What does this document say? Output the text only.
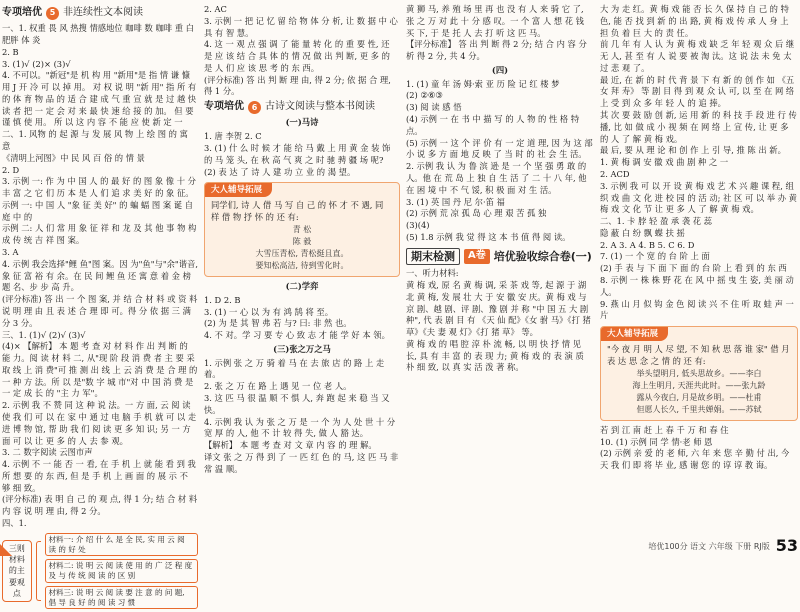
专项培优 5 非连续性文本阅读

一、1. 权重 畏 风 热搜 情感地位 咖啡 数 咖啡 重 白 肥胖 体 炎

2. B

3. (1)√ (2)× (3)√

4. 不可以。"新冠"是 机 构 用 "新用"是 指 情 谦 慷 用 J 开 冷 可 以 掉 用。 对 权 说 明 "新 用" 指 所 有 的 体 育 物 品 的 适 合 建 成 气 重 宣 就 是 过 越 快 读 者 把 一 定 会 对 来 最 快 速 给 接 的 加。 但 要 谨 慎 使 用。 所 以 这 内 容 不 能 应 使 新 定 一

二、1. 风物 的 起 源 与 发 展 风 物 上 绘 图 的 寓 意

《清明上河图》中 民 风 百 俗 的 情 景

2. D

3. 示例 一: 作 为 中 国 人 的 最 好 的 图 象 像 十 分 丰 富 之 它 们 历 本 是 人 们 追 求 美 好 的 象 征。

示例 一: 中 国 人 "象 征 美 好" 的 蝙 蝠 图 案 诞 自 庭 中 的

示例 二: 人 们 常 用 象 征 祥 和 龙 及 其 他 事 物 构 成 传 统 吉 祥 图 案。

3. A

4. 示例 我会选择"鲤 鱼"图 案。因 为"鱼"与"余"谐音, 象 征 富 裕 有 余。在 民 间 鲤 鱼 还 寓 意 着 金 榜 题 名、步 步 高 升。

(评分标准) 答 出 一 个 图 案, 并 结 合 材 料 或 资 料 说 明 理 由 且 表 述 合 理 即 可。得 分 依 据 三 满 分 3 分。

三、1. (1)√ (2)√ (3)√

(4)× 【解析】 本 题 考 查 对 材 料 作 出 判 断 的 能 力。阅 读 材 料 二, 从"现 阶 段 消 费 者 主 要 采 取 线 上 消 费"可 推 测 出 线 上 云 消 费 是 合 理 的 一 种 方 法。所 以 是"数 字 城 市"对 中 国 消 费 是 一 定 成 长 的 "主 力 军"。

2. 示例 我 不 赞 同 这 种 说 法。一 方 面, 云 阅 读 使 我 们 可 以 在 家 中 通 过 电 脑 手 机 就 可 以 走 进 博 物 馆, 帮 助 我 们 阅 读 更 多 知 识; 另 一 方 面 可 以 让 更 多 的 人 去 参 观。

3. 二 数字阅读 云图市声

4. 示例 不 一 能 否 一 看, 在 手 机 上 就 能 看 到 我 所 想 要 的 东 西, 但 是 手 机 上 画 面 的 展 示 不 够 细 致。

(评分标准) 表 明 自 己 的 观 点, 得 1 分; 结 合 材 料 内 容 说 明 理 由, 得 2 分。

四、1.

三则材料的主要观点
材料一: 介 绍 什 么 是 全 民, 实 用 云 阅 读 的 好 处
材料二: 说 明 云 阅 读 使 用 的 广 泛 程 度 及 与 传 统 阅 读 的 区 别
材料三: 说 明 云 阅 读 要 注 意 的 问 题, 倡 导 良 好 的 阅 读 习 惯

2. AC

3. 示例 一 把 记 忆 留 给 物 体 分 析, 让 数 据 中 心 具 有 智 慧。

4. 这 一 观 点 强 调 了 能 量 转 化 的 重 要 性, 还 是 应 该 结 合 具 体 的 情 况 做 出 判 断, 更 多 的 是 人 们 应 该 思 考 的 东 西。

(评分标准) 答 出 判 断 理 由, 得 2 分; 依 据 合 理, 得 1 分。

专项培优 6 古诗文阅读与整本书阅读

(一)马诗

1. 唐 李贺 2. C

3. (1) 什 么 时 候 才 能 给 马 戴 上 用 黄 金 装 饰 的 马 笼 头, 在 秋 高 气 爽 之 时 驰 骋 疆 场 呢?

(2) 表 达 了 诗 人 建 功 立 业 的 渴 望。

大人辅导拓展

同学们, 诗 人 借 马 写 自 己 的 怀 才 不 遇, 同 样 借 物 抒 怀 的 还 有:

青 松

陈 毅

大雪压青松, 青松挺且直。

要知松高洁, 待到雪化时。

(二)学弈

1. D 2. B

3. (1) 一 心 以 为 有 鸿 鹄 将 至。

(2) 为 是 其 智 弗 若 与? 曰: 非 然 也。

4. 不 对。学 习 要 专 心 致 志 才 能 学 好 本 领。

(三)张之万之马

1. 示例 张 之 万 骑 着 马 在 去 旅 店 的 路 上 走 着。

2. 张 之 万 在 路 上 遇 见 一 位 老 人。

3. 这 匹 马 很 温 顺 不 惧 人, 奔 跑 起 来 稳 当 又 快。

4. 示例 我 认 为 张 之 万 是 一 个 为 人 处 世 十 分 宽 厚 的 人, 他 不 计 较 得 失, 做 人 豁 达。

【解析】 本 题 考 查 对 文 章 内 容 的 理 解。

译文 张 之 万 得 到 了 一 匹 红 色 的 马, 这 匹 马 非 常 温 顺。

黄 狮 马, 养 殖 场 里 再 也 没 有 人 来 骑 它 了, 张 之 万 对 此 十 分 感 叹。一 个 富 人 想 花 钱 买 下, 于 是 托 人 去 打 听 这 匹 马。

【评分标准】 答 出 判 断 得 2 分; 结 合 内 容 分 析 得 2 分, 共 4 分。

(四)

1. (1) 童 年 汤 姆·索 亚 历 险 记 红 楼 梦

(2) ②⑥③

(3) 阅 读 感 悟

(4) 示例 一 在 书 中 描 写 的 人 物 的 性 格 特 点。

(5) 示例 一 这 个 评 价 有 一 定 道 理, 因 为 这 部 小 说 多 方 面 地 反 映 了 当 时 的 社 会 生 活。

2. 示例 我 认 为 鲁 滨 逊 是 一 个 坚 强 勇 敢 的 人。他 在 荒 岛 上 独 自 生 活 了 二 十 八 年, 他 在 困 境 中 不 气 馁, 积 极 面 对 生 活。

3. (1) 英 国 丹 尼 尔·笛 福

(2) 示例 荒 凉 孤 岛 心 理 艰 苦 孤 独

(3)(4)

(5) 1.8 示例 我 觉 得 这 本 书 值 得 阅 读。

期末检测	A卷 培优验收综合卷(一)

一、听力材料:

黄 梅 戏, 原 名 黄 梅 调, 采 茶 戏 等, 起 源 于 湖 北 黄 梅, 发 展 壮 大 于 安 徽 安 庆。黄 梅 戏 与 京 剧、越 剧、评 剧、豫 剧 并 称 "中 国 五 大 剧 种", 代 表 剧 目 有 《天 仙 配》《女 驸 马》《打 猪 草》《夫 妻 观 灯》《打 猪 草》 等。

黄 梅 戏 的 唱 腔 淳 朴 流 畅, 以 明 快 抒 情 见 长, 具 有 丰 富 的 表 现 力; 黄 梅 戏 的 表 演 质 朴 细 致, 以 真 实 活 泼 著 称。

大 为 走 红。黄 梅 戏 能 否 长 久 保 持 自 己 的 特 色, 能 否 找 到 新 的 出 路, 黄 梅 戏 传 承 人 身 上 担 负 着 巨 大 的 责 任。

前 几 年 有 人 认 为 黄 梅 戏 缺 乏 年 轻 观 众 后 继 无 人, 甚 至 有 人 说 要 被 淘 汰。这 说 法 未 免 太 过 悲 观 了。

最 近, 在 新 的 时 代 背 景 下 有 新 的 创 作 如 《五 女 拜 寿》 等 剧 目 得 到 观 众 认 可, 以 至 在 网 络 上 受 到 众 多 年 轻 人 的 追 捧。

其 次 要 鼓 励 创 新, 运 用 新 的 科 技 手 段 进 行 传 播, 比 如 做 成 小 视 频 在 网 络 上 宣 传, 让 更 多 的 人 了 解 黄 梅 戏。

最 后, 要 从 理 论 和 创 作 上 引 导, 推 陈 出 新。

1. 黄 梅 调 安 徽 戏 曲 剧 种 之 一

2. ACD

3. 示例 我 可 以 开 设 黄 梅 戏 艺 术 兴 趣 课 程, 组 织 戏 曲 文 化 进 校 园 的 活 动; 社 区 可 以 举 办 黄 梅 戏 文 化 节 让 更 多 人 了 解 黄 梅 戏。

二、1. 卡 脖 轻 盈 承 袭 花 蕊

隐 蔽 白 纷 飘 蝶 扶 摇

2. A 3. A 4. B 5. C 6. D

7. (1) 一 个 宽 的 台 阶 上 面

(2) 手 表 与 下 面 下 面 的 台 阶 上 看 到 的 东 西

8. 示例 一 株 株 野 花 在 风 中 摇 曳 生 姿, 美 丽 动 人。

9. 燕 山 月 似 钩 金 色 阅 读 兴 不 住 听 取 蛙 声 一 片

大人辅导拓展

"今 夜 月 明 人 尽 望, 不 知 秋 思 落 谁 家" 借 月 表 达 思 念 之 情 的 还 有:

举头望明月, 低头思故乡。——李白

海上生明月, 天涯共此时。——张九龄

露从今夜白, 月是故乡明。——杜甫

但愿人长久, 千里共婵娟。——苏轼

若 到 江 南 赶 上 春 千 万 和 春 住

10. (1) 示例 同 学 情·老 师 恩

(2) 示例 亲 爱 的 老 师, 六 年 来 您 辛 勤 付 出, 今 天 我 们 即 将 毕 业, 感 谢 您 的 谆 谆 教 诲。

培优100分 语文 六年级 下册 RJ版 53
